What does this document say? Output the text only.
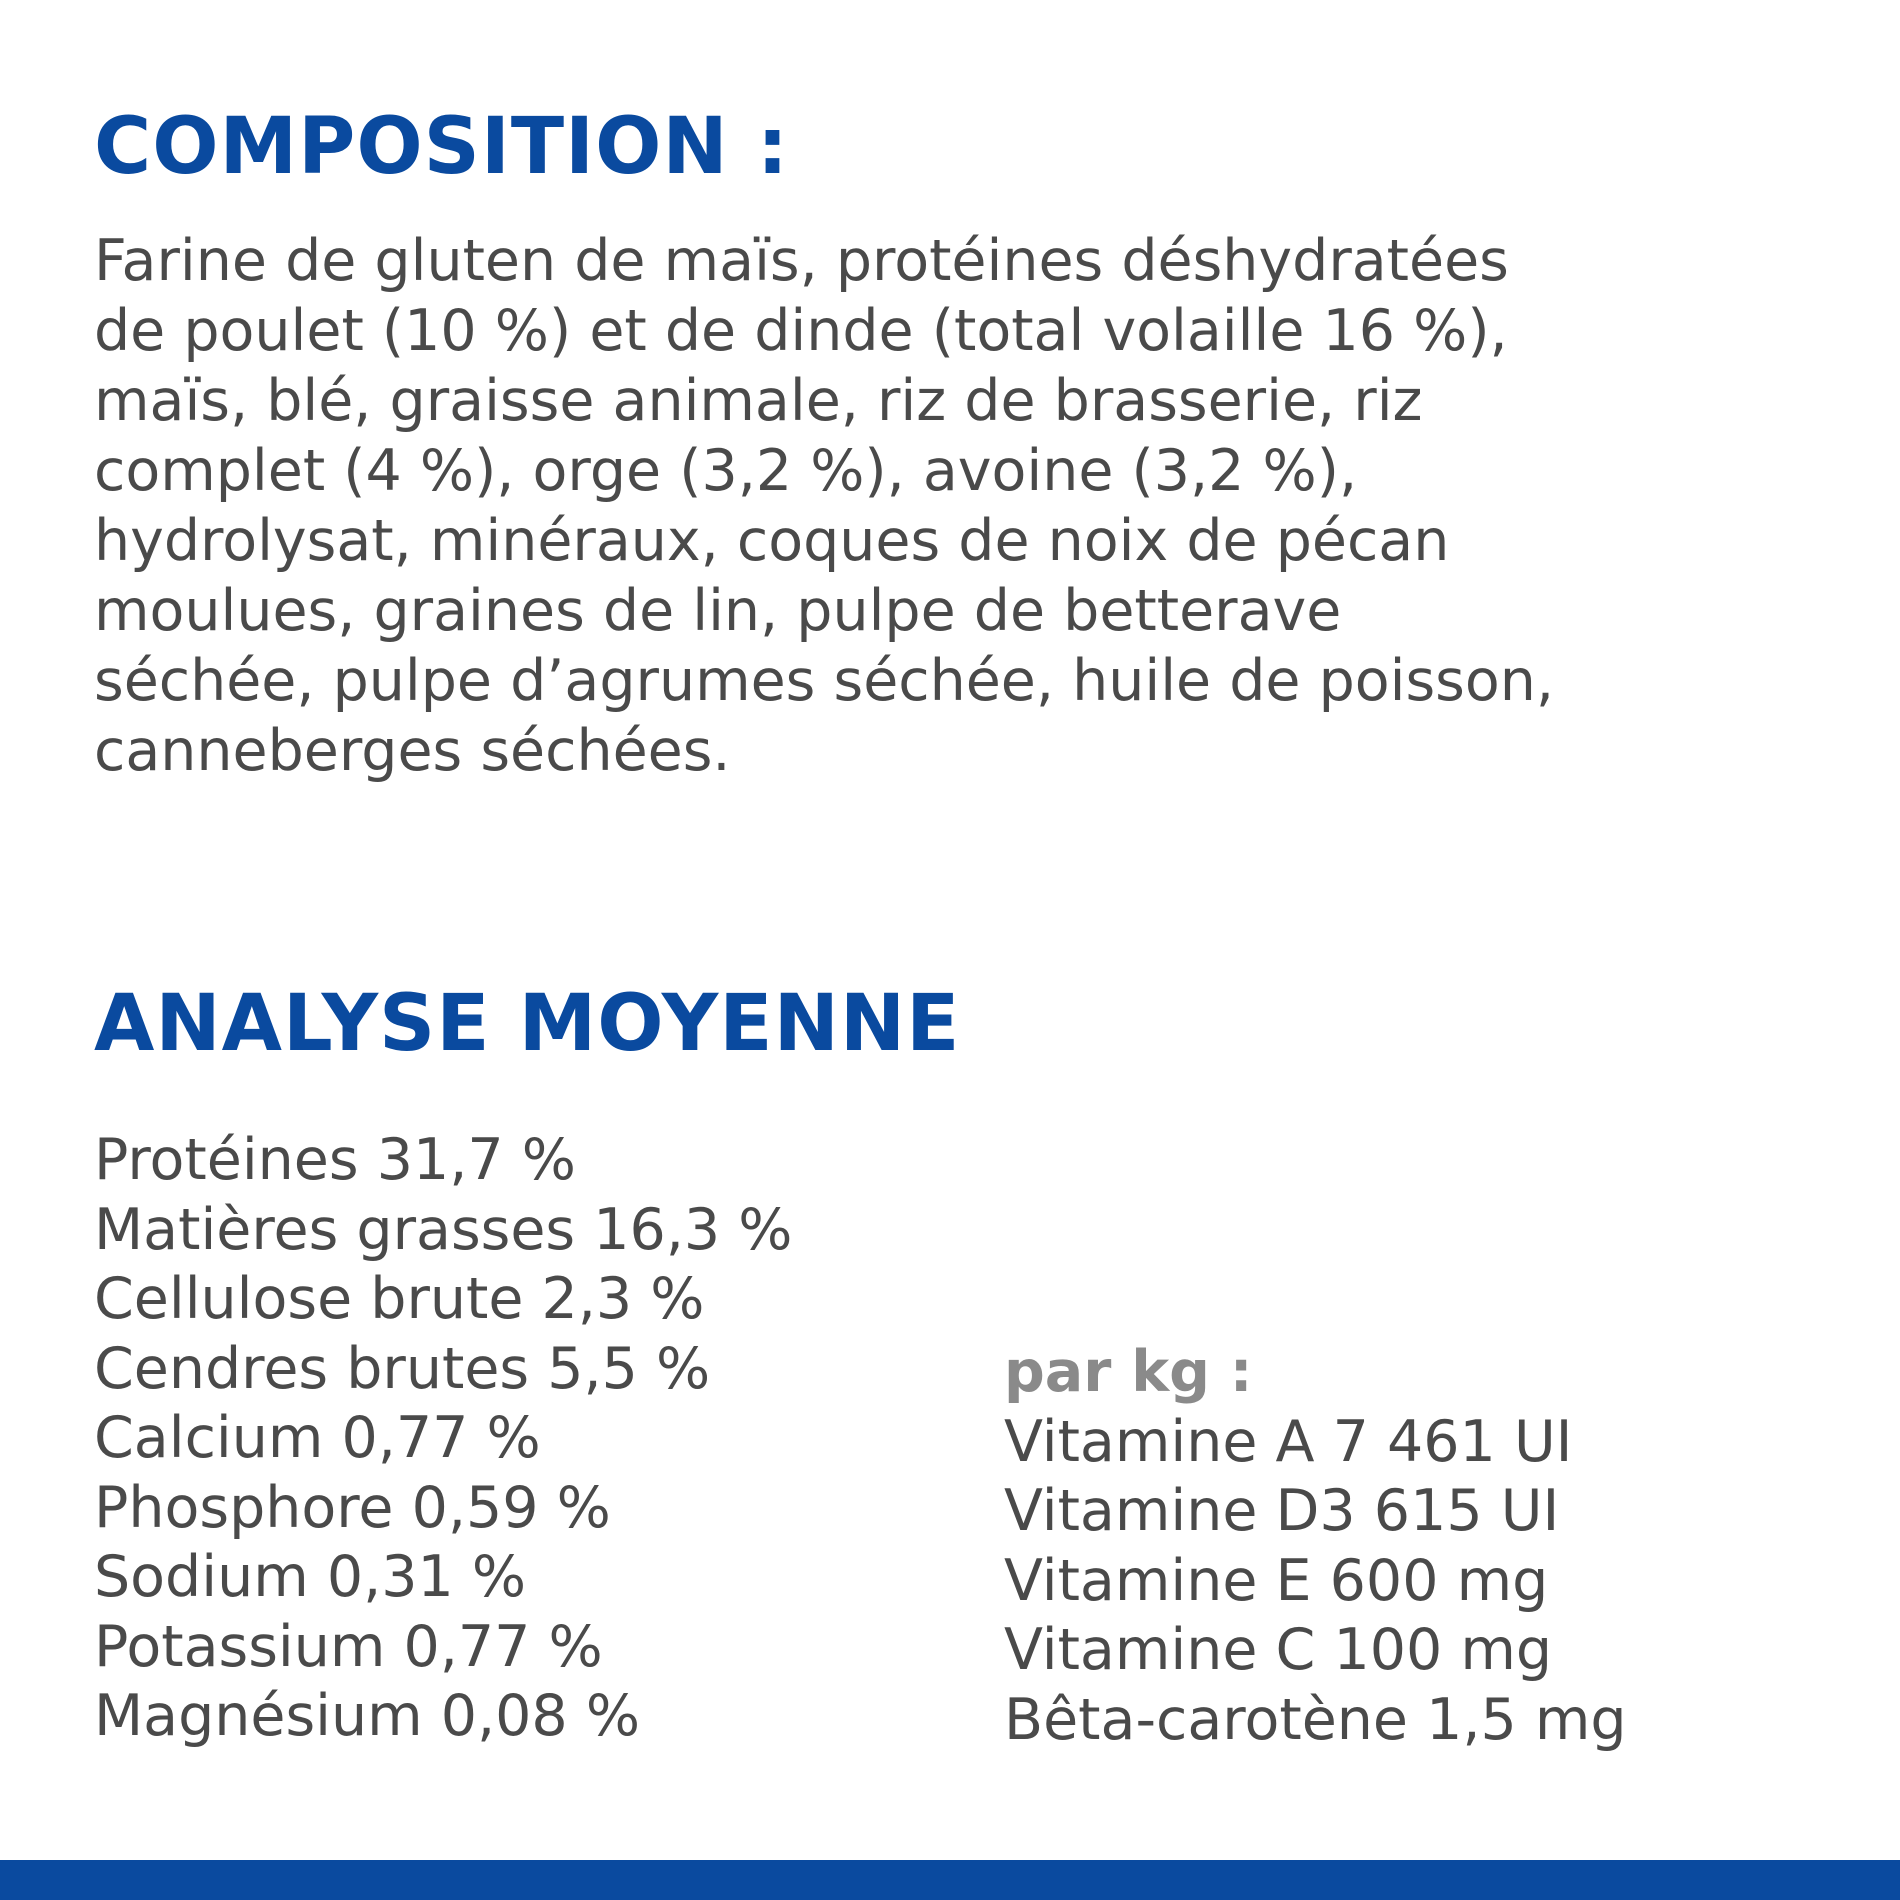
COMPOSITION :

Farine de gluten de maïs, protéines déshydratées
de poulet (10 %) et de dinde (total volaille 16 %),
maïs, blé, graisse animale, riz de brasserie, riz
complet (4 %), orge (3,2 %), avoine (3,2 %),
hydrolysat, minéraux, coques de noix de pécan
moulues, graines de lin, pulpe de betterave
séchée, pulpe d’agrumes séchée, huile de poisson,
canneberges séchées.

ANALYSE MOYENNE
Protéines 31,7 %
Matières grasses 16,3 %
Cellulose brute 2,3 %
Cendres brutes 5,5 %
Calcium 0,77 %
Phosphore 0,59 %
Sodium 0,31 %
Potassium 0,77 %
Magnésium 0,08 %
par kg :
Vitamine A 7 461 UI
Vitamine D3 615 UI
Vitamine E 600 mg
Vitamine C 100 mg
Bêta-carotène 1,5 mg
